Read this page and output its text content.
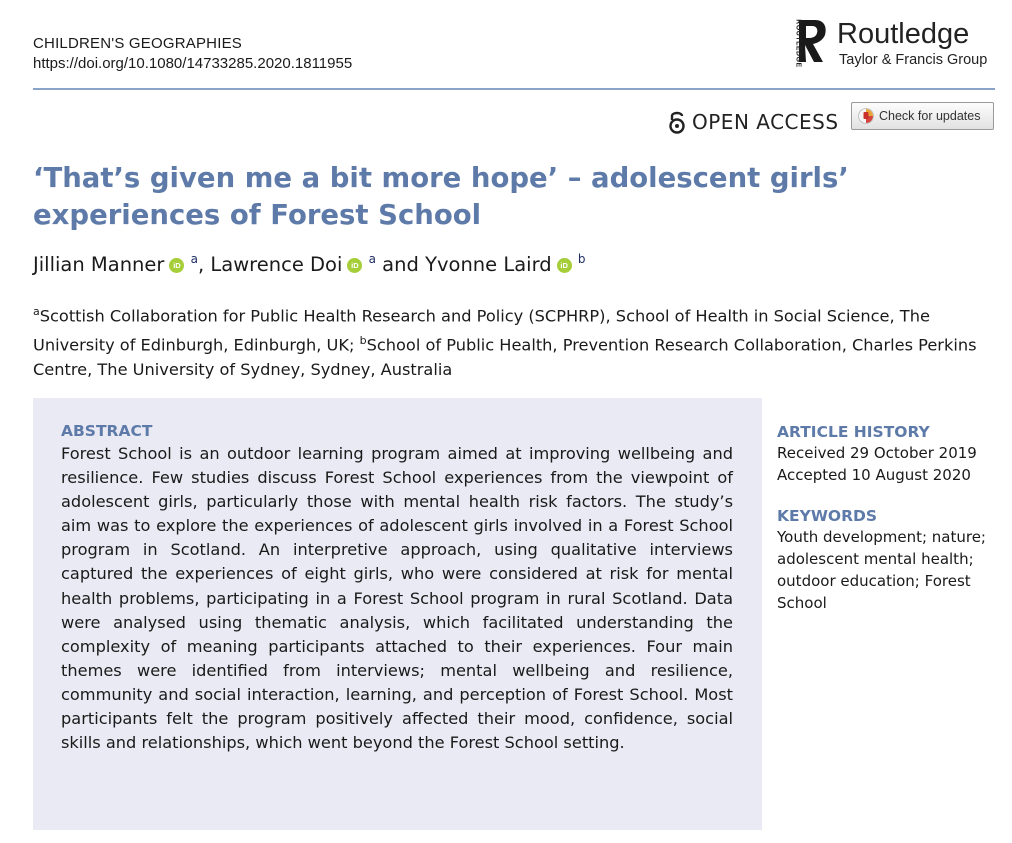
CHILDREN'S GEOGRAPHIES
https://doi.org/10.1080/14733285.2020.1811955	ROUTLEDGE Routledge
Taylor & Francis Group
OPEN ACCESS	Check for updates
‘That’s given me a bit more hope’ – adolescent girls’ experiences of Forest School
Jillian Manner iD $^a$, Lawrence Doi iD $^a$ and Yvonne Laird iD $^b$
$^a$Scottish Collaboration for Public Health Research and Policy (SCPHRP), School of Health in Social Science, The University of Edinburgh, Edinburgh, UK; $^b$School of Public Health, Prevention Research Collaboration, Charles Perkins Centre, The University of Sydney, Sydney, Australia
ABSTRACT
Forest School is an outdoor learning program aimed at improving wellbeing and resilience. Few studies discuss Forest School experiences from the viewpoint of adolescent girls, particularly those with mental health risk factors. The study’s aim was to explore the experiences of adolescent girls involved in a Forest School program in Scotland. An interpretive approach, using qualitative interviews captured the experiences of eight girls, who were considered at risk for mental health problems, participating in a Forest School program in rural Scotland. Data were analysed using thematic analysis, which facilitated understanding the complexity of meaning participants attached to their experiences. Four main themes were identified from interviews; mental wellbeing and resilience, community and social interaction, learning, and perception of Forest School. Most participants felt the program positively affected their mood, confidence, social skills and relationships, which went beyond the Forest School setting.
ARTICLE HISTORY
Received 29 October 2019
Accepted 10 August 2020
KEYWORDS
Youth development; nature; adolescent mental health; outdoor education; Forest School
